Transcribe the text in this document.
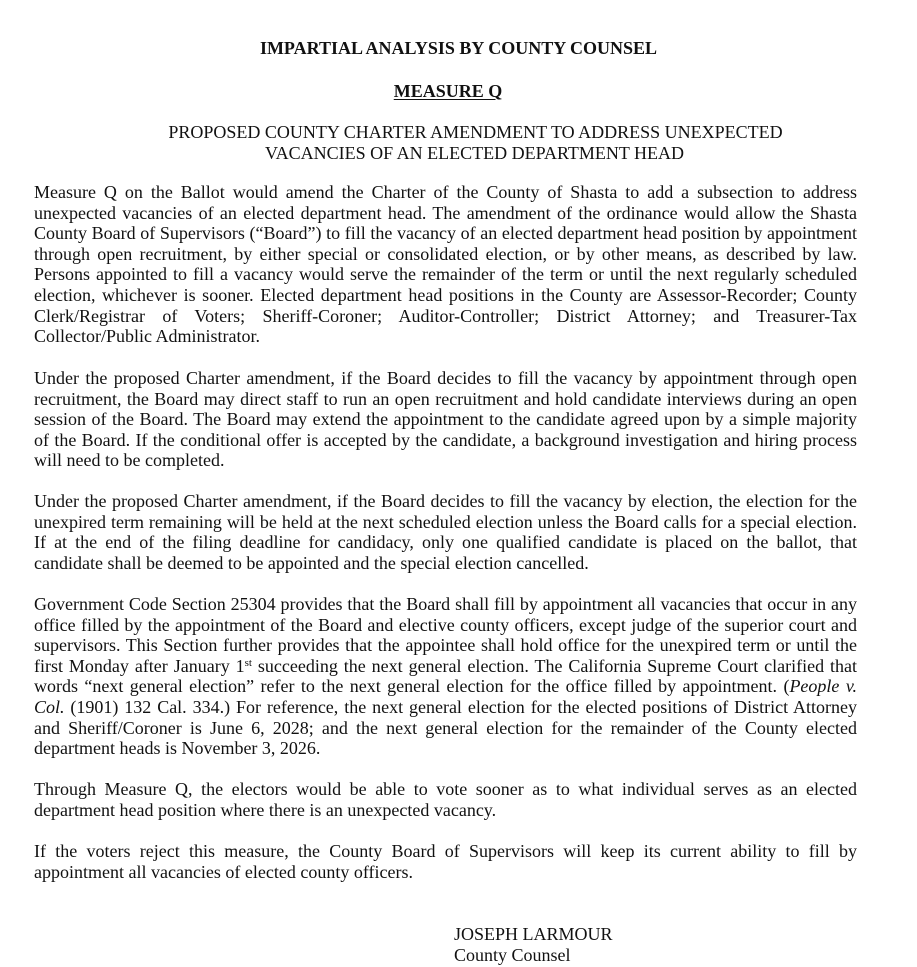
IMPARTIAL ANALYSIS BY COUNTY COUNSEL
MEASURE Q
PROPOSED COUNTY CHARTER AMENDMENT TO ADDRESS UNEXPECTED
VACANCIES OF AN ELECTED DEPARTMENT HEAD

Measure Q on the Ballot would amend the Charter of the County of Shasta to add a subsection to address unexpected vacancies of an elected department head. The amendment of the ordinance would allow the Shasta County Board of Supervisors (“Board”) to fill the vacancy of an elected department head position by appointment through open recruitment, by either special or consolidated election, or by other means, as described by law. Persons appointed to fill a vacancy would serve the remainder of the term or until the next regularly scheduled election, whichever is sooner. Elected department head positions in the County are Assessor-Recorder; County Clerk/Registrar of Voters; Sheriff-Coroner; Auditor-Controller; District Attorney; and Treasurer-Tax Collector/Public Administrator.

Under the proposed Charter amendment, if the Board decides to fill the vacancy by appointment through open recruitment, the Board may direct staff to run an open recruitment and hold candidate interviews during an open session of the Board. The Board may extend the appointment to the candidate agreed upon by a simple majority of the Board. If the conditional offer is accepted by the candidate, a background investigation and hiring process will need to be completed.

Under the proposed Charter amendment, if the Board decides to fill the vacancy by election, the election for the unexpired term remaining will be held at the next scheduled election unless the Board calls for a special election. If at the end of the filing deadline for candidacy, only one qualified candidate is placed on the ballot, that candidate shall be deemed to be appointed and the special election cancelled.

Government Code Section 25304 provides that the Board shall fill by appointment all vacancies that occur in any office filled by the appointment of the Board and elective county officers, except judge of the superior court and supervisors. This Section further provides that the appointee shall hold office for the unexpired term or until the first Monday after January 1st succeeding the next general election. The California Supreme Court clarified that words “next general election” refer to the next general election for the office filled by appointment. (People v. Col. (1901) 132 Cal. 334.) For reference, the next general election for the elected positions of District Attorney and Sheriff/Coroner is June 6, 2028; and the next general election for the remainder of the County elected department heads is November 3, 2026.

Through Measure Q, the electors would be able to vote sooner as to what individual serves as an elected department head position where there is an unexpected vacancy.

If the voters reject this measure, the County Board of Supervisors will keep its current ability to fill by appointment all vacancies of elected county officers.

JOSEPH LARMOUR
County Counsel
